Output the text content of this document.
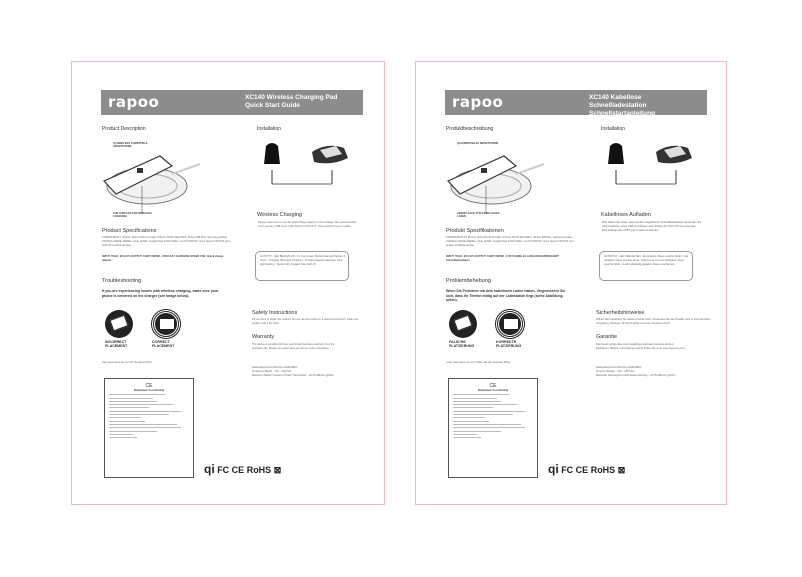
rapoo	XC140 Wireless Charging Pad
Quick Start Guide
Product Description
QI WIRELESS COMPATIBLE SMARTPHONE
THE SURFACE FOR WIRELESS CHARGING
Installation
Wireless Charging
Please make sure to use the quick charge adapter in the package. We recommended not to use any USB ports under 5V/2A or 9V/1.67A. Use enclosed Type-C cables.
ACTIVITY · LED BEHAVIOUR · Turn on power: Backlit blue light flashes 1 times · Charging: Blue light breathing · Foreign objective detection: Red light flashing · Device fully charged: blue light off
Product Specifications
COMPATIBILITY: iPhone 11/11 Pro/11 Pro Max, iPhone XS/XS Max/XR/X, iPhone 8/8 Plus, Samsung Galaxy S10/S10+/S9/S9+/S8/S8+, Note 10/9/8, Google Pixel 3/3XL/4/4XL, LG G7/V30/V35, Sony Xperia XZ2/XZ3 and other Qi-enabled devices.
INPUT: 5V/2A, 9V/1.67A OUTPUT: 10W/7.5W/5W · FOR FAST CHARGING SPEED USE: Quick charge adapter
Troubleshooting
If you are experiencing issues with wireless charging, make sure your phone is centered on the charger (see image below).
INCORRECT PLACEMENT
CORRECT PLACEMENT
See www.rapoo-eu.com for the latest FAQs.
CE
Declaration of conformity
qi FC CE RoHS ⊠
Safety Instructions
Do not open or repair this product. Do not use the product in a damp environment. Clean the product with a dry cloth.
Warranty
The device is provided with two year limited hardware warranty from the purchase day. Please see www.rapoo-eu.com for more information.
Radio Equipment Directive 2014/53/EU:
Frequency Bands : 110 ~ 205 KHz
Maximum Radio Frequency Power Transmitted : -20.55 dBμA/m @10m
rapoo	XC140 Kabellose Schnellladestation
Schnellstartanleitung
Produktbeschreibung
QI-KOMPATIBLES SMARTPHONE
OBERFLÄCHE FÜR KABELLOSES LADEN
Installation
Kabelloses Aufladen
Bitte stellen Sie sicher, dass Sie den mitgelieferten Schnellladeadapter verwenden. Es wird empfohlen, keine USB-Anschlüsse unter 5V/2A oder 9V/1.67A zu verwenden. Bitte beiliegendes USB Type-C Kabel verwenden.
AKTIVITÄT · LED VERHALTEN · Einschalten: Blaue Leuchte blinkt 1 mal · Aufladen: blaue Leuchte atmet · Erkennung von Fremdobjekten: Rote Leuchte blinkt · Gerät vollständig geladen: blaue Leuchte aus
Produkt Spezifikationen
KOMPATIBILITÄT: iPhone 11/11 Pro/11 Pro Max, iPhone XS/XS Max/XR/X, iPhone 8/8 Plus, Samsung Galaxy S10/S10+/S9/S9+/S8/S8+, Note 10/9/8, Google Pixel 3/3XL/4/4XL, LG G7/V30/V35, Sony Xperia XZ2/XZ3 und andere Qi-fähige Geräte.
INPUT: 5V/2A, 9V/1.67A OUTPUT: 10W/7.5W/5W · FÜR SCHNELLE LADEGESCHWINDIGKEIT: Schnellladeadapter
Problembehebung
Wenn Sie Probleme mit dem kabellosen Laden haben, Vergewissern Sie sich, dass Ihr Telefon mittig auf der Ladestation liegt (siehe Abbildung unten).
FALSCHE PLATZIERUNG
KORREKTE PLATZIERUNG
Unter www.rapoo-eu.com finden Sie die neuesten FAQs.
CE
Declaration of conformity
qi FC CE RoHS ⊠
Sicherheitshinweise
Öffnen oder reparieren Sie dieses Produkt nicht. Verwenden Sie das Produkt nicht in einer feuchten Umgebung. Reinigen Sie das Produkt mit einem trockenen Tuch.
Garantie
Das Gerät verfügt über eine zweijährige Hardware-Garantie ab dem Kaufdatum. Weitere Informationen hierzu finden Sie unter www.rapoo-eu.com.
Radio Equipment Directive 2014/53/EU:
Frequenzbänder : 110 ~ 205 KHz
Maximale übertragene Funkfrequenzleistung : -20.55 dBμA/m @10m
